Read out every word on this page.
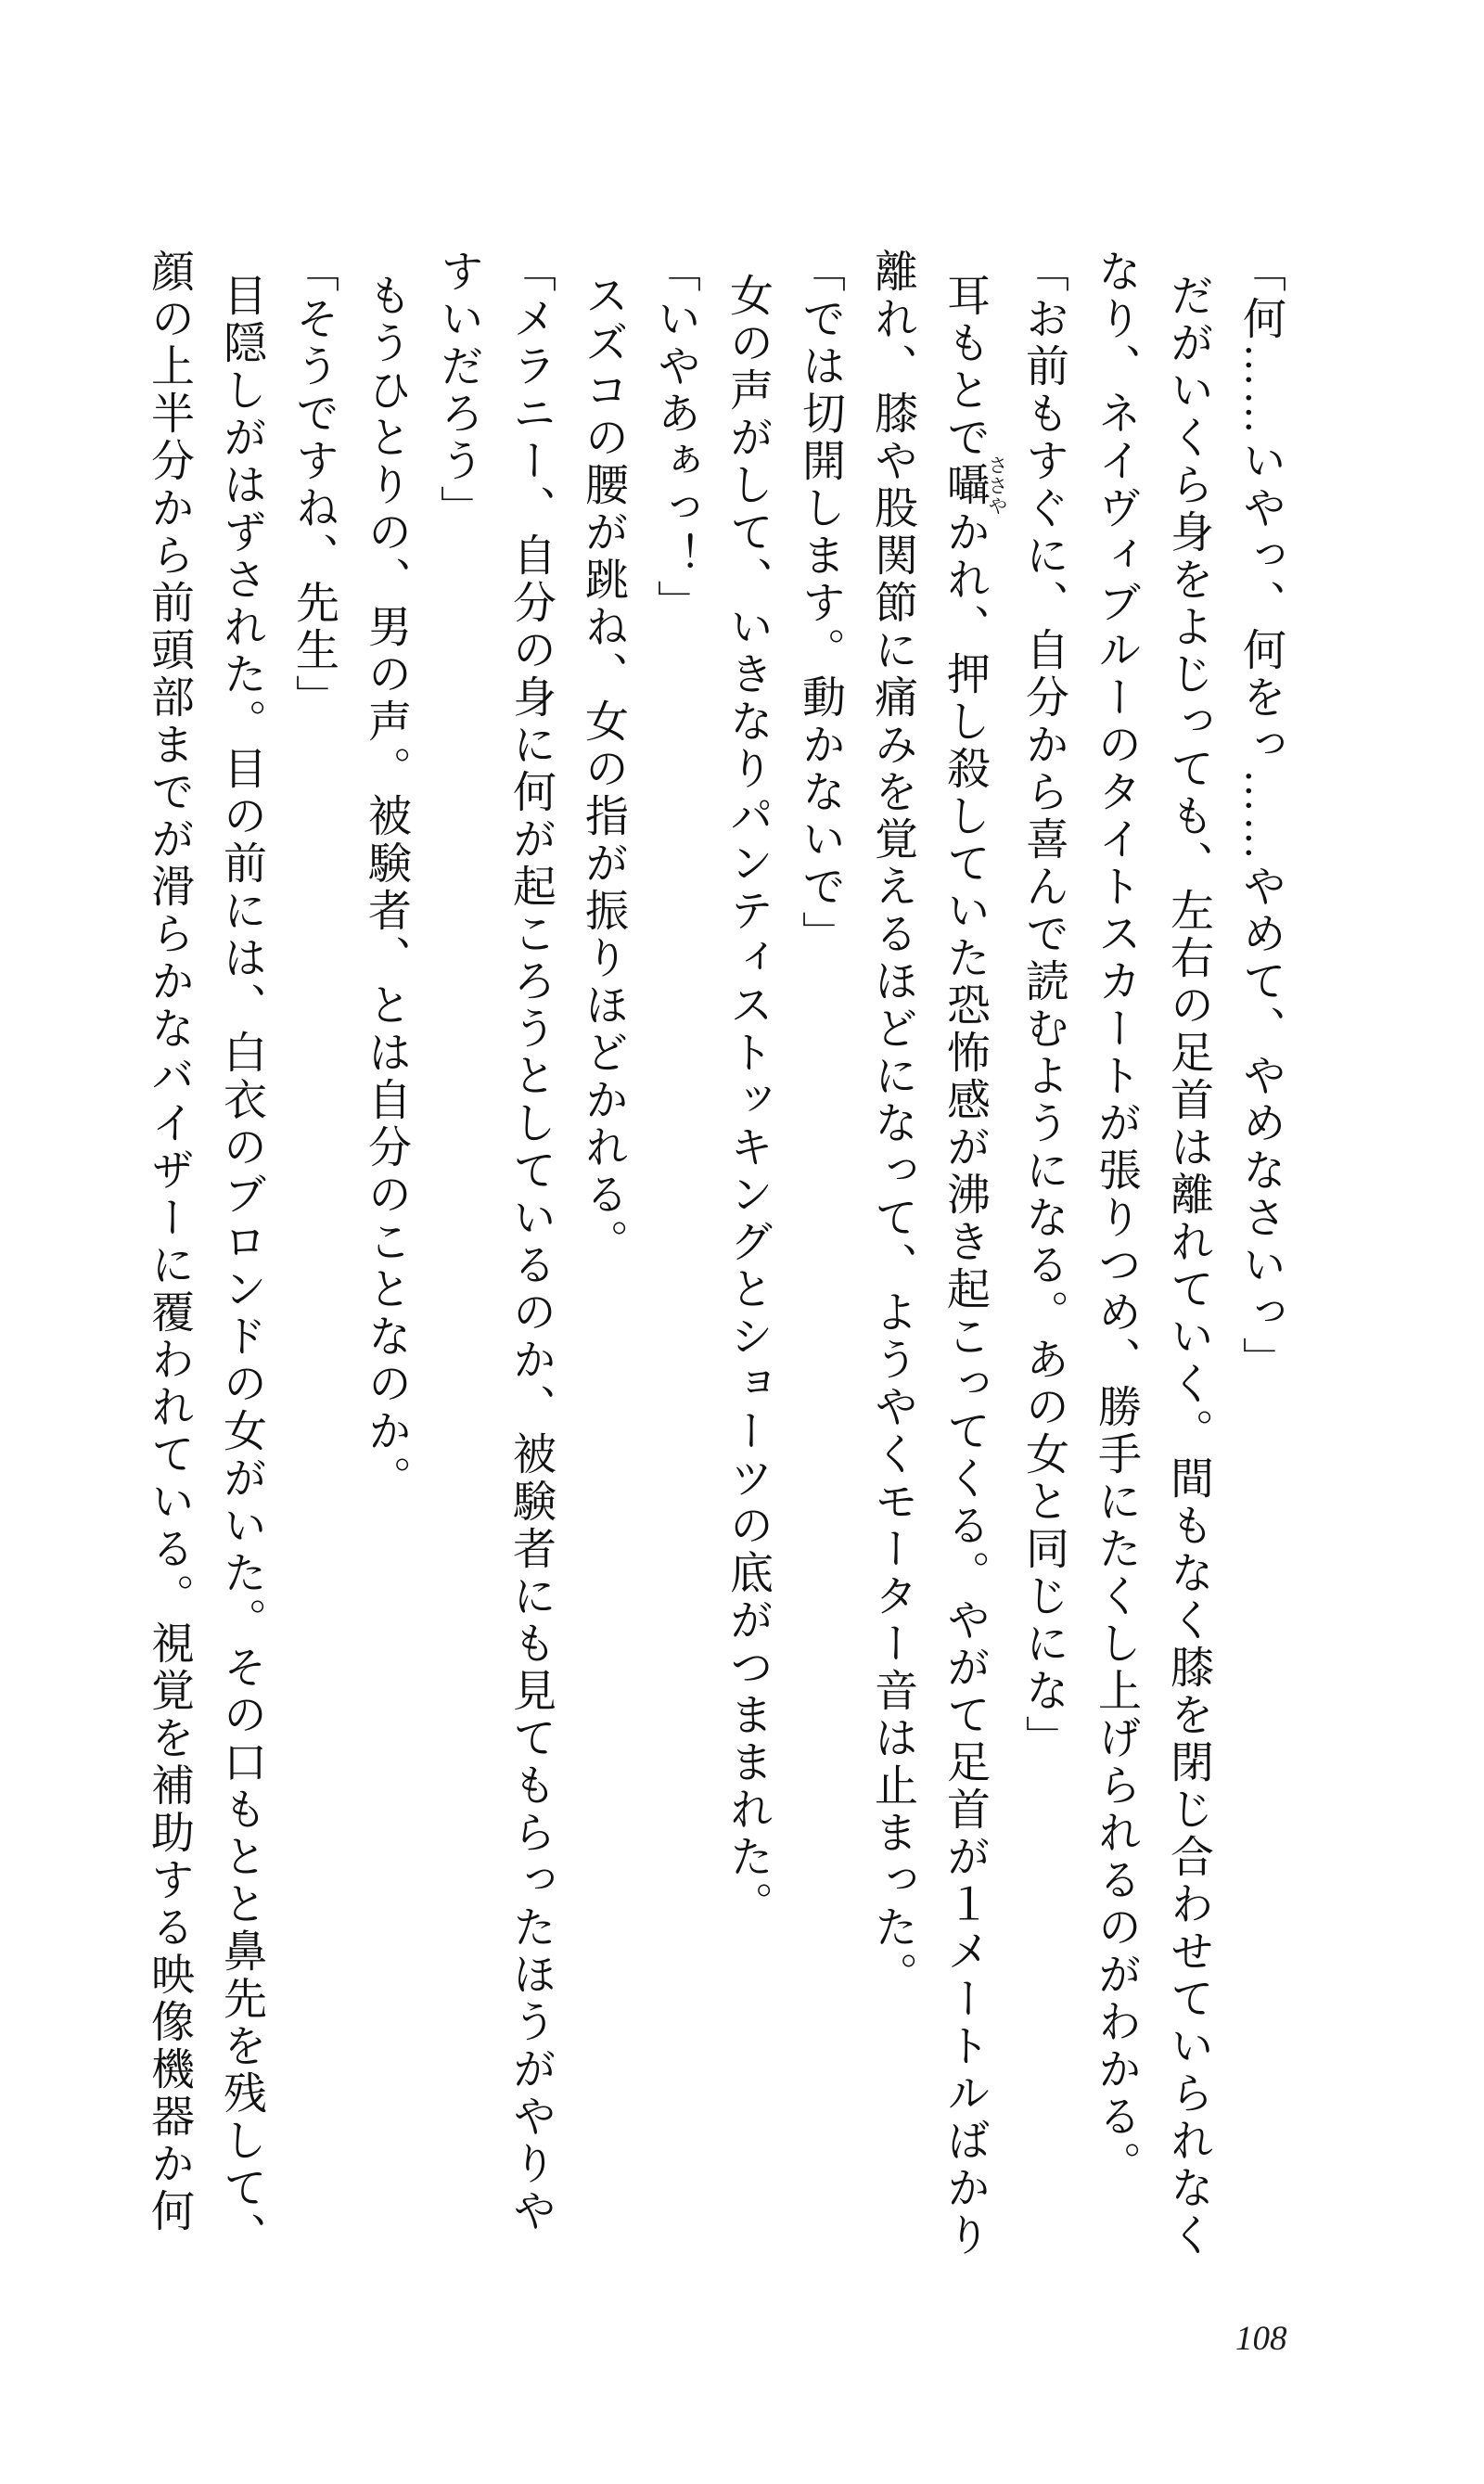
「何……いやっ、何をっ……やめて、やめなさいっ」

だがいくら身をよじっても、左右の足首は離れていく。間もなく膝を閉じ合わせていられなくなり、ネイヴィブルーのタイトスカートが張りつめ、勝手にたくし上げられるのがわかる。

「お前もすぐに、自分から喜んで読むようになる。あの女と同じにな」

耳もとで囁ささやかれ、押し殺していた恐怖感が沸き起こってくる。やがて足首が１メートルばかり離れ、膝や股関節に痛みを覚えるほどになって、ようやくモーター音は止まった。

「では切開します。動かないで」

女の声がして、いきなりパンティストッキングとショーツの底がつままれた。

「いやあぁっ！」

スズコの腰が跳ね、女の指が振りほどかれる。

「メラニー、自分の身に何が起ころうとしているのか、被験者にも見てもらったほうがやりやすいだろう」

もうひとりの、男の声。被験者、とは自分のことなのか。

「そうですね、先生」

目隠しがはずされた。目の前には、白衣のブロンドの女がいた。その口もとと鼻先を残して、顔の上半分から前頭部までが滑らかなバイザーに覆われている。視覚を補助する映像機器か何

108
